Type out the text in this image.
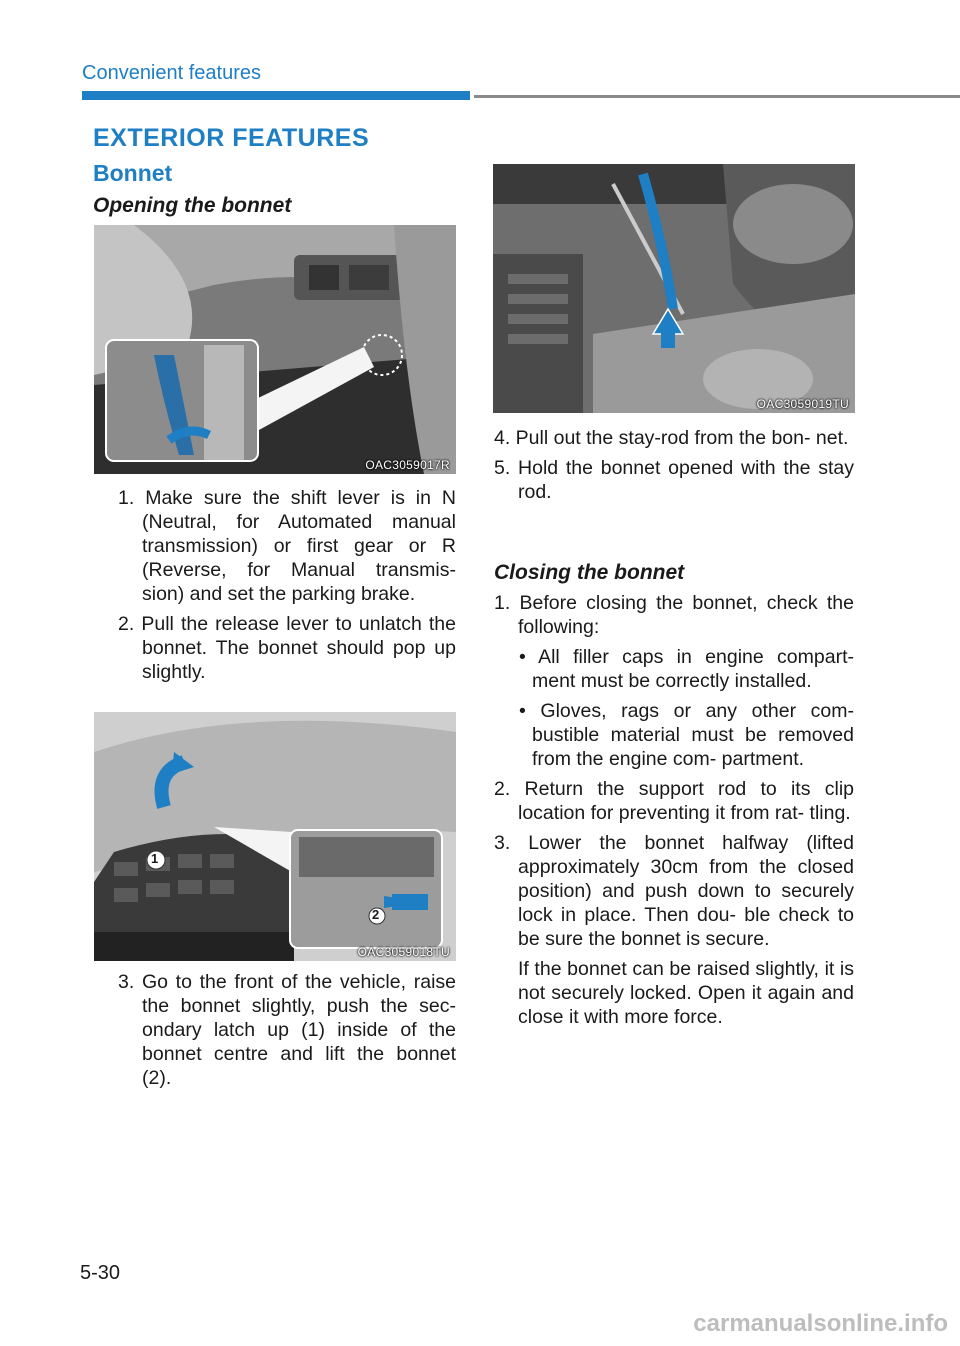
Convenient features
EXTERIOR FEATURES
Bonnet
Opening the bonnet
OAC3059017R

1. Make sure the shift lever is in N (Neutral, for Automated manual transmission) or first gear or R (Reverse, for Manual transmis- sion) and set the parking brake.

2. Pull the release lever to unlatch the bonnet. The bonnet should pop up slightly.

1
2
OAC3059018TU

3. Go to the front of the vehicle, raise the bonnet slightly, push the sec- ondary latch up (1) inside of the bonnet centre and lift the bonnet (2).

OAC3059019TU

4. Pull out the stay-rod from the bon- net.

5. Hold the bonnet opened with the stay rod.

Closing the bonnet

1. Before closing the bonnet, check the following:

• All filler caps in engine compart- ment must be correctly installed.

• Gloves, rags or any other com- bustible material must be removed from the engine com- partment.

2. Return the support rod to its clip location for preventing it from rat- tling.

3. Lower the bonnet halfway (lifted approximately 30cm from the closed position) and push down to securely lock in place. Then dou- ble check to be sure the bonnet is secure.

If the bonnet can be raised slightly, it is not securely locked. Open it again and close it with more force.

5-30
carmanualsonline.info
